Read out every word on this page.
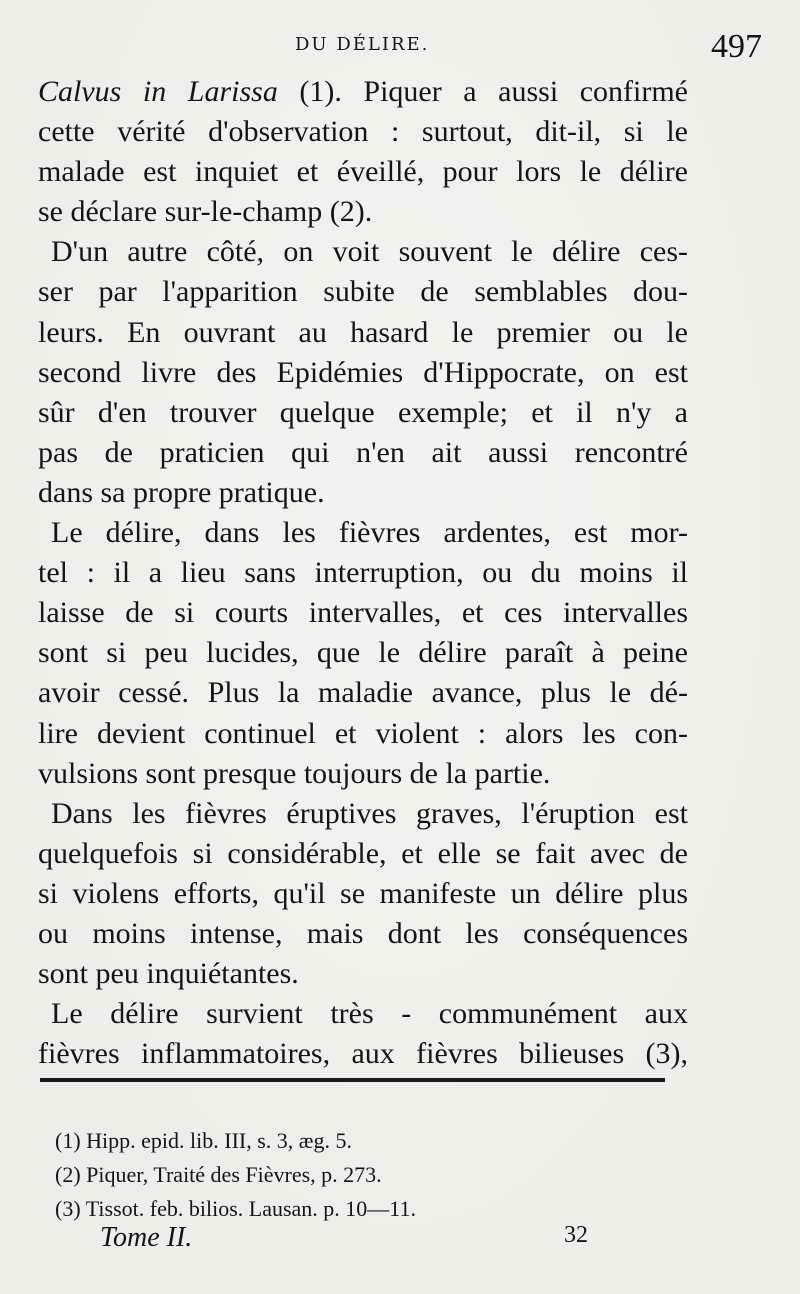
DU DÉLIRE.	497
Calvus in Larissa (1). Piquer a aussi confirmé
cette vérité d'observation : surtout, dit-il, si le
malade est inquiet et éveillé, pour lors le délire
se déclare sur-le-champ (2).
D'un autre côté, on voit souvent le délire ces-
ser par l'apparition subite de semblables dou-
leurs. En ouvrant au hasard le premier ou le
second livre des Epidémies d'Hippocrate, on est
sûr d'en trouver quelque exemple; et il n'y a
pas de praticien qui n'en ait aussi rencontré
dans sa propre pratique.
Le délire, dans les fièvres ardentes, est mor-
tel : il a lieu sans interruption, ou du moins il
laisse de si courts intervalles, et ces intervalles
sont si peu lucides, que le délire paraît à peine
avoir cessé. Plus la maladie avance, plus le dé-
lire devient continuel et violent : alors les con-
vulsions sont presque toujours de la partie.
Dans les fièvres éruptives graves, l'éruption est
quelquefois si considérable, et elle se fait avec de
si violens efforts, qu'il se manifeste un délire plus
ou moins intense, mais dont les conséquences
sont peu inquiétantes.
Le délire survient très - communément aux
fièvres inflammatoires, aux fièvres bilieuses (3),
(1) Hipp. epid. lib. III, s. 3, æg. 5.
(2) Piquer, Traité des Fièvres, p. 273.
(3) Tissot. feb. bilios. Lausan. p. 10—11.
Tome II.	32
